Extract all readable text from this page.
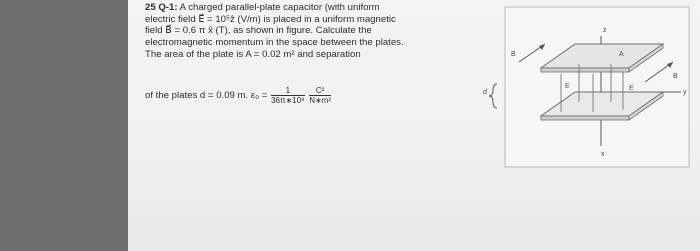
25 Q-1: A charged parallel-plate capacitor (with uniform
electric field E⃗ = 10⁵ẑ (V/m) is placed in a uniform magnetic
field B⃗ = 0.6 π x̂ (T), as shown in figure. Calculate the
electromagnetic momentum in the space between the plates.
The area of the plate is A = 0.02 m² and separation
of the plates d = 0.09 m. $\varepsilon_0 = \frac{1}{\text{36π∗10⁹}}$
$\frac{\text{C²}}{\text{N∗m²}}$
z
x
y
B
B
A
E	E
d
